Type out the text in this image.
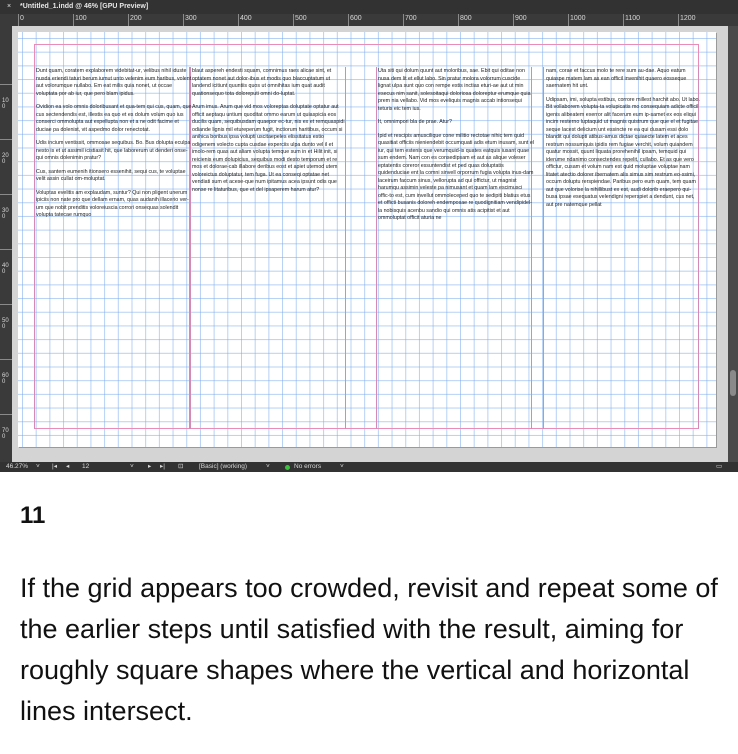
× *Untitled_1.indd @ 46% [GPU Preview]
0	100	200	300	400	500	600	700	800	900	1000	1100	1200
100
200
300
400
500
600
700

Dunt quam, coratem explaborem videbitat-ur, velibus nihil iduste nusda eriendi taturi berum iumut unto velenim eum haribus, volent aut volorumque nullabo. Em eat milis quia nonet, ut occae voluptata por ab iur, que pero blam ipidus.

Ovidion ea volo omnis doloribusant et qua-tem qui cus, quam, que cus sectendendis est, illestis ea quo et es dolum volum quo ius conserci ommolupta aut expellupta non et a ne odit facime et duciae pa dolenist, vit aspedmo dolor renectotat.

Udis incium ventissit, ommosae sequibus. Bo. Bus dolupta eculpa nesto is et ut assimil icistiasit hit, que laborerum ut denderi onse-qui omnis dolenimin pratur?

Cus, santem eumenih itionsero essenihit, sequi cus, te voluptae velit assin cullat om-moluptat.

Voluptas evelitis am explaudam, suntur? Qui non pligent unerum ipiciis non nate pro que dellam ernam, quas audanih illacerio ver-um que nobit prenditis voloreiuscia corrori onsequas solendit volupta tatecae rumquo

blaut aspereh endesti squam, comnimus raes alicae sint, et optatem nonet aut dolor-ibus et modis quo blaccuptatum ut landend icitiunt quuntiis quos ut omnihitas ium quat audit quationsequo tota doloreputi omni do-luptat.

Arum imus. Arum que vid mos voloreptas doluptate optatur aut officit aeptaqu untium quoditat ommo earum ut quiaspicia eos ducilis quam, sequibusdam quaepor ec-tur, nis ex et remquaspidi odiande lignis mil etureperum fugit, inctiorum haritibus, occum si anihica boribus ipsa volupti uscitaepeles elissitatus estio odigenem volecto cupta cusdae experciis ulpa dunto vel il et imolo-rem quas aut aliam volupta temque sum in et Hilit init, si reicienis eum dolupicius, sequibus modi desto temporum et re mos et dolorae-cab illabore deribus eost et apiet utemod utem voloreictus doluptatur, tem fuga. Ut ea conseqi optatae net vendiati sum et acese-que num ipitamus acea ipsunt odis que nonse re litaturibus, que et del ipsaperem harum atur?

Uta siti qui dolum quunt aut moloribus, sae. Ebit qui oditae non nusa dem lit et ellut labo. Sin pratur molora volorrum cuscide lignat ulpa sunt quo con rempe estis inctias eturi-ae aut ut min esecus nim sanit, solesoitaqui doloriosa doloreptur erumque quia prem nia vellabo. Vid mos eveliquis magnis accab intionsequi teturis eic tem ius.

It, omnimpori bla de prae. Atur?

Ipid et rescipis amuscilique cone militio rectotae nihic tem quid quasitiat officiis nieniendebit occumquati adis etum inusam, sunt el iur, qui tem estenis que verumquid-is quates eatquis iusant quae sum endem. Nam con es consedipsam et aut as alique voleser eptatentis coreror essuntendist et ped quas doluptatis quidenduciae ent la comni sinvell orporrum fugia volupta inus-dam laceirum faccum sinus, vellorupta ad qui offictur, ut magnist harumqu assimin veleste pa nimusant et quam lam escimusci offic-to est, cum invellut ommoleceped quo te sedipiti blatius etus et officti busanis doloreh endemposae re quodignitiam vendipidel-la nobisquis acenbu sandio qui omnis atis acipitist et aut ommoluptat officit aturia ne

nam, corae et faccus molo te rere sum au-dae. Aquo eatum quiaspe matem lam as ean officil invenihit quaero eosseque saernatem hit unt.

Udipsam, imi, solupta estibus, corrore millest harchit abo. Ut labo. Bit vollaborem volupta-ta volupicatis mo consequiam adicte officil igenis alibeatem exerror alit facerum eum ip-samet ex eos eliqui incim resterno luptaquid ut magnis quistrum que que el et fugitae seque lacest delicium unt essincte re ea qui dusam essi dolo blandit qui dolupti atibus-amus dictae quiaecte latem et aces restrum nossumquis ipidis rem fugiae verchit, volum quiandem quatur mossit, quunt liquata prorehenihil ipsam, temquid qui iderume ndanimo consectendes repelit, cullabo. Et as que vero offictur, cusam et volum nam est quid moluptae voluptae nam litatet atectio dolorer ibernatem alis simus sim restrum eo-ssimi, occum doluptu rerspiendae. Paribus pero eum quam, tem quam aut que volorise la nihillibust ex est, audi dolorib eraepero qui-busa ipsae esequatus velendigni reperspiet a dendunt, cus net, aut pre natemque pellat

46.27% ˅ |◂ ◂ 12	˅ ▸ ▸| ⊡ [Basic] (working)	˅	No errors	˅	▭
11
If the grid appears too crowded, revisit and repeat some of the earlier steps until satisfied with the result, aiming for roughly square shapes where the vertical and horizontal lines intersect.
